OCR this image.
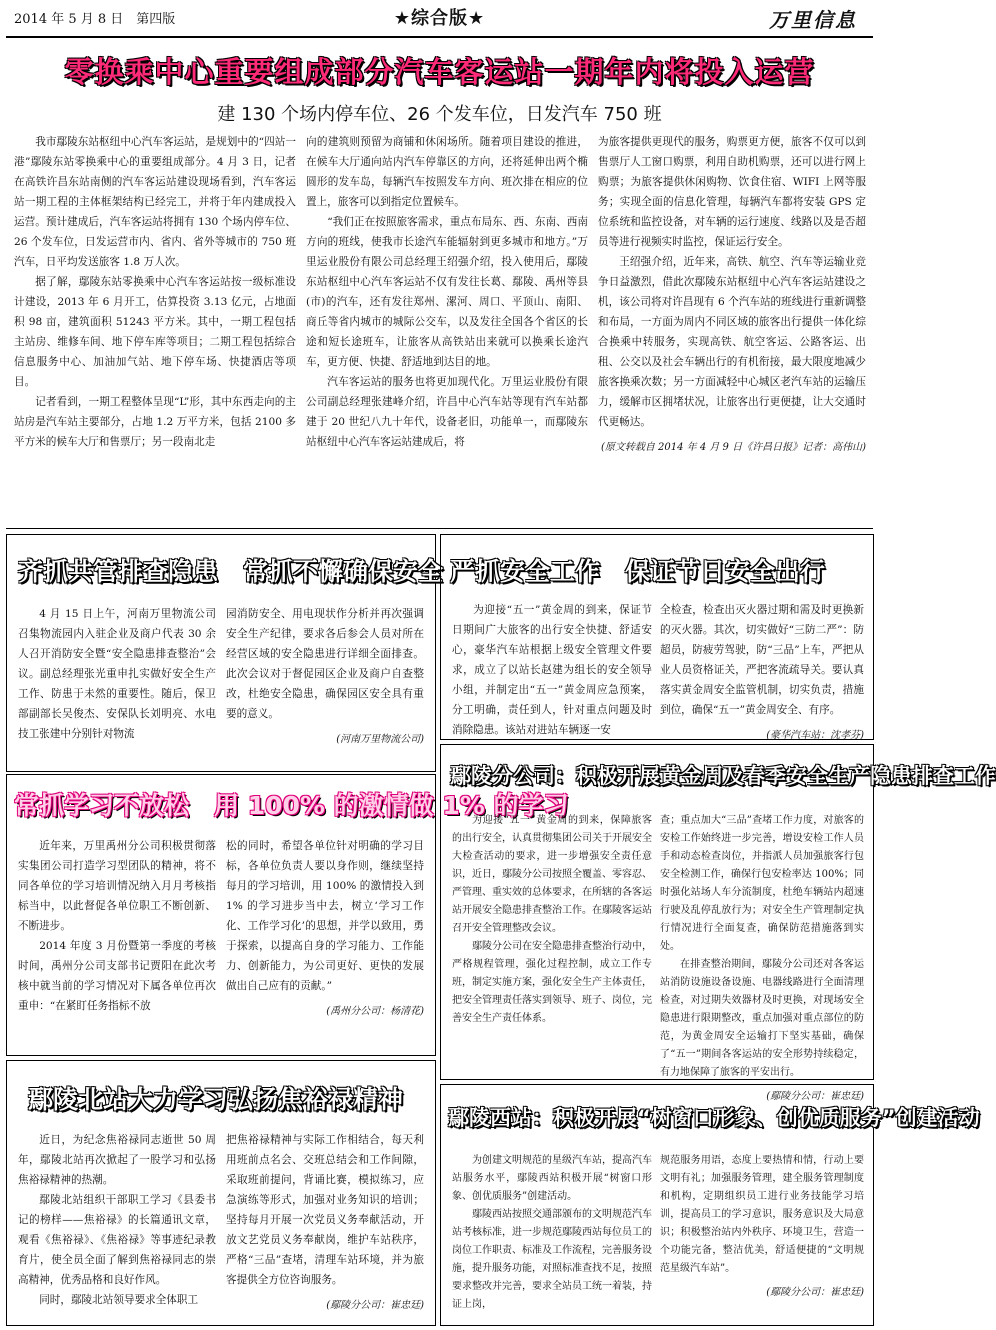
2014 年 5 月 8 日　第四版	★综合版★	万里信息
零换乘中心重要组成部分汽车客运站一期年内将投入运营
建 130 个场内停车位、26 个发车位，日发汽车 750 班

我市鄢陵东站枢纽中心汽车客运站，是规划中的“四站一港”鄢陵东站零换乘中心的重要组成部分。4 月 3 日，记者在高铁许昌东站南侧的汽车客运站建设现场看到，汽车客运站一期工程的主体框架结构已经完工，并将于年内建成投入运营。预计建成后，汽车客运站将拥有 130 个场内停车位、26 个发车位，日发运营市内、省内、省外等城市的 750 班汽车，日平均发送旅客 1.8 万人次。

据了解，鄢陵东站零换乘中心汽车客运站按一级标准设计建设，2013 年 6 月开工，估算投资 3.13 亿元，占地面积 98 亩，建筑面积 51243 平方米。其中，一期工程包括主站房、维修车间、地下停车库等项目；二期工程包括综合信息服务中心、加油加气站、地下停车场、快捷酒店等项目。

记者看到，一期工程整体呈现“L”形，其中东西走向的主站房是汽车站主要部分，占地 1.2 万平方米，包括 2100 多平方米的候车大厅和售票厅；另一段南北走

向的建筑则预留为商铺和休闲场所。随着项目建设的推进，在候车大厅通向站内汽车停靠区的方向，还将延伸出两个椭圆形的发车岛，每辆汽车按照发车方向、班次排在相应的位置上，旅客可以到指定位置候车。

“我们正在按照旅客需求，重点布局东、西、东南、西南方向的班线，使我市长途汽车能辐射到更多城市和地方。”万里运业股份有限公司总经理王绍强介绍，投入使用后，鄢陵东站枢纽中心汽车客运站不仅有发往长葛、鄢陵、禹州等县(市)的汽车，还有发往郑州、漯河、周口、平顶山、南阳、商丘等省内城市的城际公交车，以及发往全国各个省区的长途和短长途班车，让旅客从高铁站出来就可以换乘长途汽车，更方便、快捷、舒适地到达目的地。

汽车客运站的服务也将更加现代化。万里运业股份有限公司副总经理张建峰介绍，许昌中心汽车站等现有汽车站都建于 20 世纪八九十年代，设备老旧，功能单一，而鄢陵东站枢纽中心汽车客运站建成后，将

为旅客提供更现代的服务，购票更方便，旅客不仅可以到售票厅人工窗口购票，利用自助机购票，还可以进行网上购票；为旅客提供休闲购物、饮食住宿、WIFI 上网等服务；实现全面的信息化管理，每辆汽车都将安装 GPS 定位系统和监控设备，对车辆的运行速度、线路以及是否超员等进行视频实时监控，保证运行安全。

王绍强介绍，近年来，高铁、航空、汽车等运输业竞争日益激烈，借此次鄢陵东站枢纽中心汽车客运站建设之机，该公司将对许昌现有 6 个汽车站的班线进行重新调整和布局，一方面为周内不同区域的旅客出行提供一体化综合换乘中转服务，实现高铁、航空客运、公路客运、出租、公交以及社会车辆出行的有机衔接，最大限度地减少旅客换乘次数；另一方面减轻中心城区老汽车站的运输压力，缓解市区拥堵状况，让旅客出行更便捷，让大交通时代更畅达。

(原文转载自 2014 年 4 月 9 日《许昌日报》记者：高伟山)
齐抓共管排查隐患　常抓不懈确保安全

4 月 15 日上午，河南万里物流公司召集物流园内入驻企业及商户代表 30 余人召开消防安全暨“安全隐患排查整治”会议。副总经理张光重申扎实做好安全生产工作、防患于未然的重要性。随后，保卫部副部长吴俊杰、安保队长刘明亮、水电技工张建中分别针对物流

园消防安全、用电现状作分析并再次强调安全生产纪律，要求各后参会人员对所在经营区域的安全隐患进行详细全面排查。此次会议对于督促园区企业及商户自查整改，杜绝安全隐患，确保园区安全具有重要的意义。

(河南万里物流公司)
严抓安全工作　保证节日安全出行

为迎接“五一”黄金周的到来，保证节日期间广大旅客的出行安全快捷、舒适安心，豪华汽车站根据上级安全管理文件要求，成立了以站长赵建为组长的安全领导小组，并制定出“五一”黄金周应急预案，分工明确，责任到人，针对重点问题及时消除隐患。该站对进站车辆逐一安

全检查，检查出灭火器过期和需及时更换新的灭火器。其次，切实做好“三防二严”：防超员，防疲劳驾驶，防“三品”上车，严把从业人员资格证关，严把客流疏导关。要认真落实黄金周安全监管机制，切实负责，措施到位，确保“五一”黄金周安全、有序。

(豪华汽车站：沈孝芬)
常抓学习不放松　用 100% 的激情做 1% 的学习

近年来，万里禹州分公司积极贯彻落实集团公司打造学习型团队的精神，将不同各单位的学习培训情况纳入月月考核指标当中，以此督促各单位职工不断创新、不断进步。

2014 年度 3 月份暨第一季度的考核时间，禹州分公司支部书记贾阳在此次考核中就当前的学习情况对下属各单位再次重申：“在紧盯任务指标不放

松的同时，希望各单位针对明确的学习目标，各单位负责人要以身作则，继续坚持每月的学习培训，用 100% 的激情投入到 1% 的学习进步当中去，树立‘学习工作化、工作学习化’的思想，并学以致用，勇于探索，以提高自身的学习能力、工作能力、创新能力，为公司更好、更快的发展做出自己应有的贡献。”

(禹州分公司：杨清花)
鄢陵分公司：积极开展黄金周及春季安全生产隐患排查工作

为迎接“五一”黄金周的到来，保障旅客的出行安全，认真贯彻集团公司关于开展安全大检查活动的要求，进一步增强安全责任意识，近日，鄢陵分公司按照全覆盖、零容忍、严管理、重实效的总体要求，在所辖的各客运站开展安全隐患排查整治工作。在鄢陵客运站召开安全管理整改会议。

鄢陵分公司在安全隐患排查整治行动中，严格规程管理，强化过程控制，成立工作专班，制定实施方案，强化安全生产主体责任，把安全管理责任落实到领导、班子、岗位，完善安全生产责任体系。

查；重点加大“三品”查堵工作力度，对旅客的安检工作始终进一步完善，增设安检工作人员手和动态检查岗位，并指派人员加强旅客行包安全检测工作，确保行包安检率达 100%；同时强化站场人车分流制度，杜绝车辆站内超速行驶及乱停乱放行为；对安全生产管理制定执行情况进行全面复查，确保防范措施落到实处。

在排查整治期间，鄢陵分公司还对各客运站消防设施设备设施、电器线路进行全面清理检查，对过期失效器材及时更换，对现场安全隐患进行限期整改，重点加强对重点部位的防范，为黄金周安全运输打下坚实基础，确保了“五一”期间各客运站的安全形势持续稳定，有力地保障了旅客的平安出行。

(鄢陵分公司：崔忠廷)
鄢陵北站大力学习弘扬焦裕禄精神

近日，为纪念焦裕禄同志逝世 50 周年，鄢陵北站再次掀起了一股学习和弘扬焦裕禄精神的热潮。

鄢陵北站组织干部职工学习《县委书记的榜样——焦裕禄》的长篇通讯文章，观看《焦裕禄》、《焦裕禄》等事迹纪录教育片，使全员全面了解到焦裕禄同志的崇高精神，优秀品格和良好作风。

同时，鄢陵北站领导要求全体职工

把焦裕禄精神与实际工作相结合，每天利用班前点名会、交班总结会和工作间隙，采取班前提问，背诵比赛，模拟练习，应急演练等形式，加强对业务知识的培训；坚持每月开展一次党员义务奉献活动，开放文艺党员义务奉献岗，维护车站秩序，严格“三品”查堵，清理车站环境，并为旅客提供全方位咨询服务。

(鄢陵分公司：崔忠廷)
鄢陵西站：积极开展“树窗口形象、创优质服务”创建活动

为创建文明规范的星级汽车站，提高汽车站服务水平，鄢陵西站积极开展“树窗口形象、创优质服务”创建活动。

鄢陵西站按照交通部颁布的文明规范汽车站考核标准，进一步规范鄢陵西站每位员工的岗位工作职责、标准及工作流程，完善服务设施，提升服务功能，对照标准查找不足，按照要求整改并完善，要求全站员工统一着装，持证上岗，

规范服务用语，态度上要热情和情，行动上要文明有礼；加强服务管理，建全服务管理制度和机构，定期组织员工进行业务技能学习培训，提高员工的学习意识，服务意识及大局意识；积极整治站内外秩序、环境卫生，营造一个功能完备，整洁优美，舒适便捷的“文明规范星级汽车站”。

(鄢陵分公司：崔忠廷)
